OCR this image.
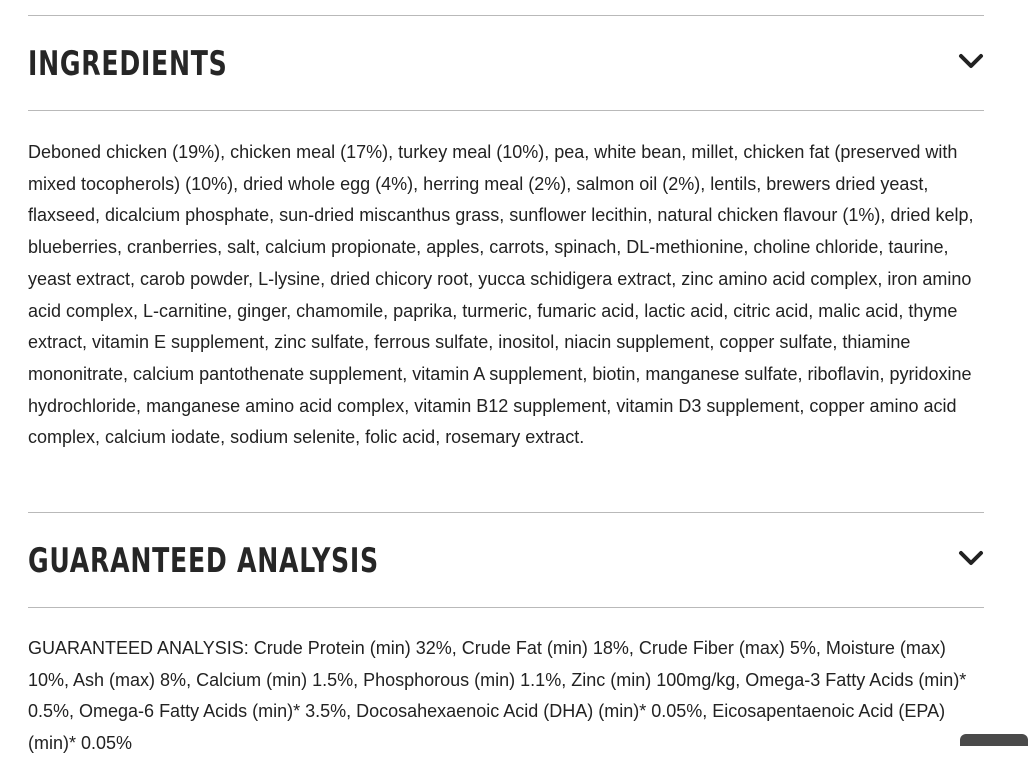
INGREDIENTS

Deboned chicken (19%), chicken meal (17%), turkey meal (10%), pea, white bean, millet, chicken fat (preserved with mixed tocopherols) (10%), dried whole egg (4%), herring meal (2%), salmon oil (2%), lentils, brewers dried yeast, flaxseed, dicalcium phosphate, sun-dried miscanthus grass, sunflower lecithin, natural chicken flavour (1%), dried kelp, blueberries, cranberries, salt, calcium propionate, apples, carrots, spinach, DL-methionine, choline chloride, taurine, yeast extract, carob powder, L-lysine, dried chicory root, yucca schidigera extract, zinc amino acid complex, iron amino acid complex, L-carnitine, ginger, chamomile, paprika, turmeric, fumaric acid, lactic acid, citric acid, malic acid, thyme extract, vitamin E supplement, zinc sulfate, ferrous sulfate, inositol, niacin supplement, copper sulfate, thiamine mononitrate, calcium pantothenate supplement, vitamin A supplement, biotin, manganese sulfate, riboflavin, pyridoxine hydrochloride, manganese amino acid complex, vitamin B12 supplement, vitamin D3 supplement, copper amino acid complex, calcium iodate, sodium selenite, folic acid, rosemary extract.

GUARANTEED ANALYSIS

GUARANTEED ANALYSIS: Crude Protein (min) 32%, Crude Fat (min) 18%, Crude Fiber (max) 5%, Moisture (max) 10%, Ash (max) 8%, Calcium (min) 1.5%, Phosphorous (min) 1.1%, Zinc (min) 100mg/kg, Omega-3 Fatty Acids (min)* 0.5%, Omega-6 Fatty Acids (min)* 3.5%, Docosahexaenoic Acid (DHA) (min)* 0.05%, Eicosapentaenoic Acid (EPA) (min)* 0.05%
